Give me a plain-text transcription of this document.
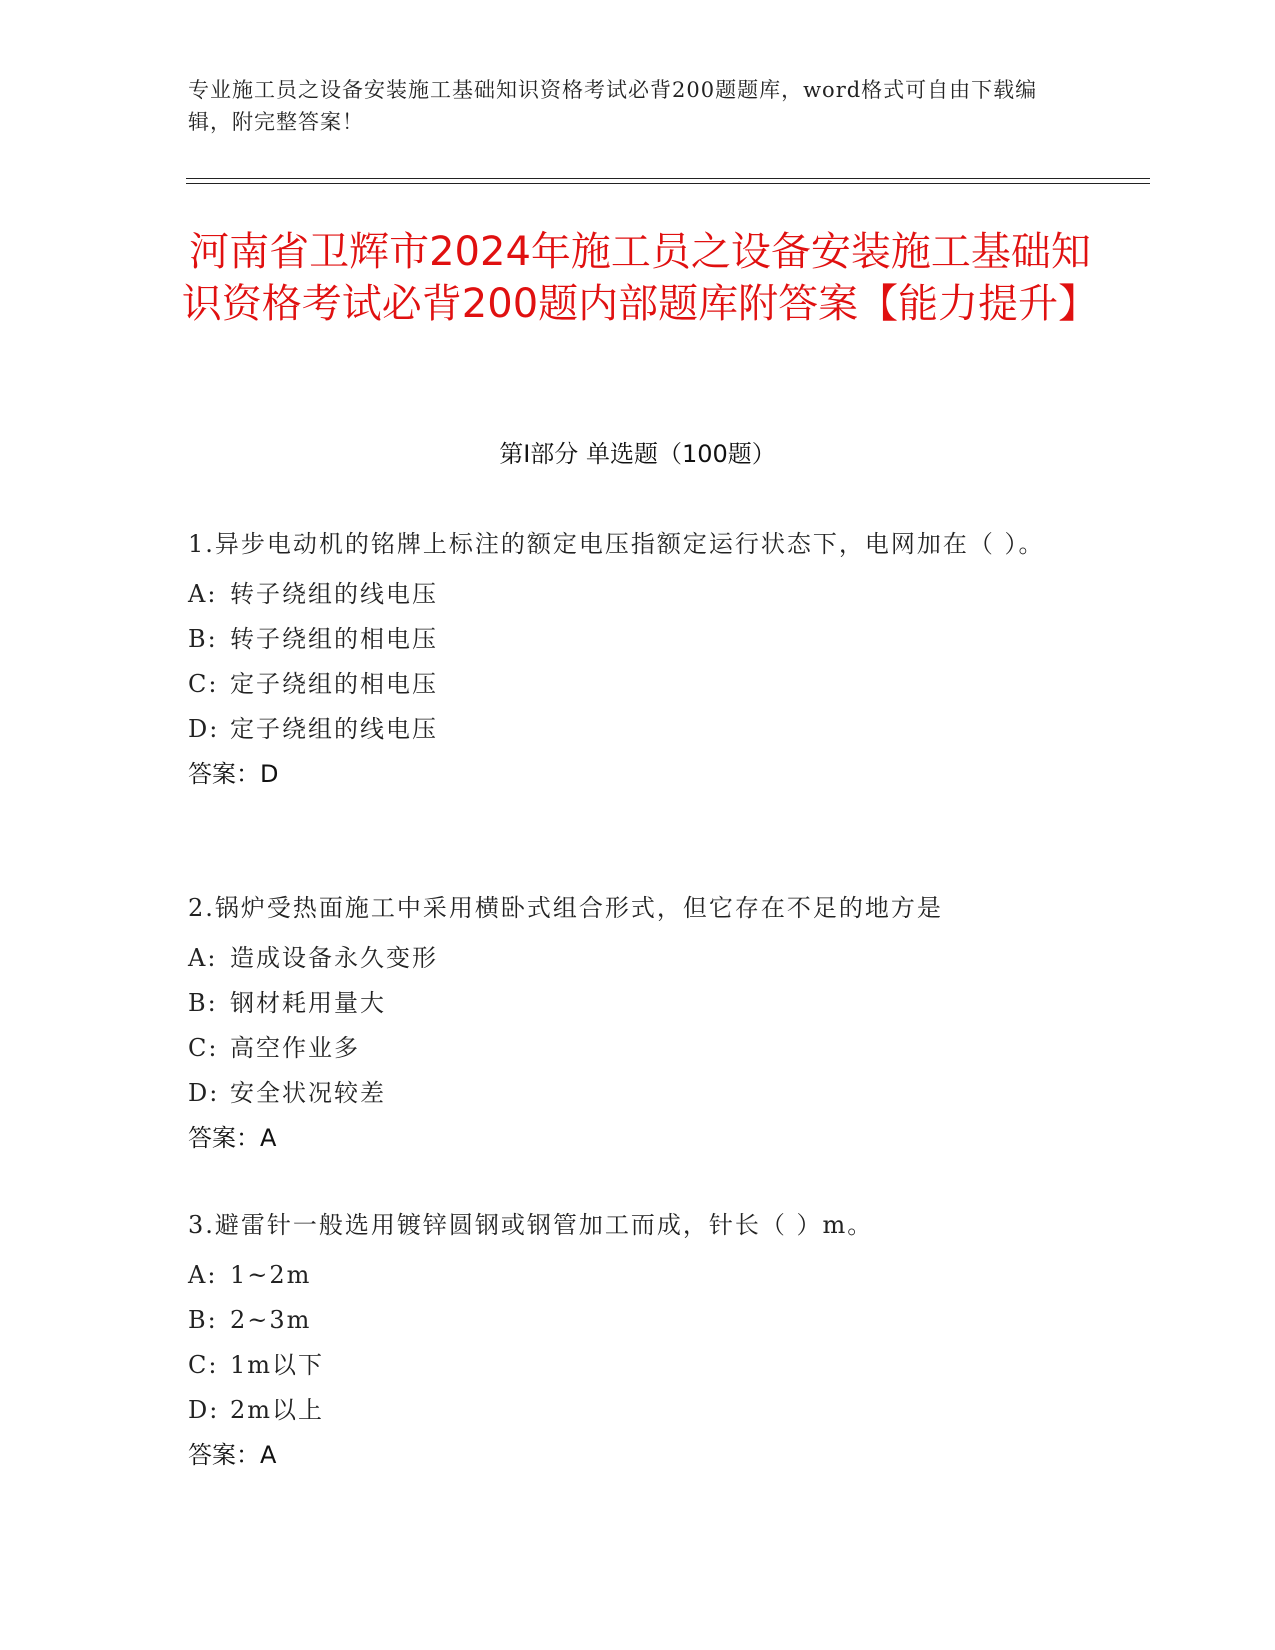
专业施工员之设备安装施工基础知识资格考试必背200题题库，word格式可自由下载编辑，附完整答案！
河南省卫辉市2024年施工员之设备安装施工基础知识资格考试必背200题内部题库附答案【能力提升】
第I部分 单选题（100题）
1.异步电动机的铭牌上标注的额定电压指额定运行状态下，电网加在（ ）。
A: 转子绕组的线电压
B: 转子绕组的相电压
C: 定子绕组的相电压
D: 定子绕组的线电压
答案：D
2.锅炉受热面施工中采用横卧式组合形式，但它存在不足的地方是
A: 造成设备永久变形
B: 钢材耗用量大
C: 高空作业多
D: 安全状况较差
答案：A
3.避雷针一般选用镀锌圆钢或钢管加工而成，针长（ ）m。
A: 1~2m
B: 2~3m
C: 1m以下
D: 2m以上
答案：A
